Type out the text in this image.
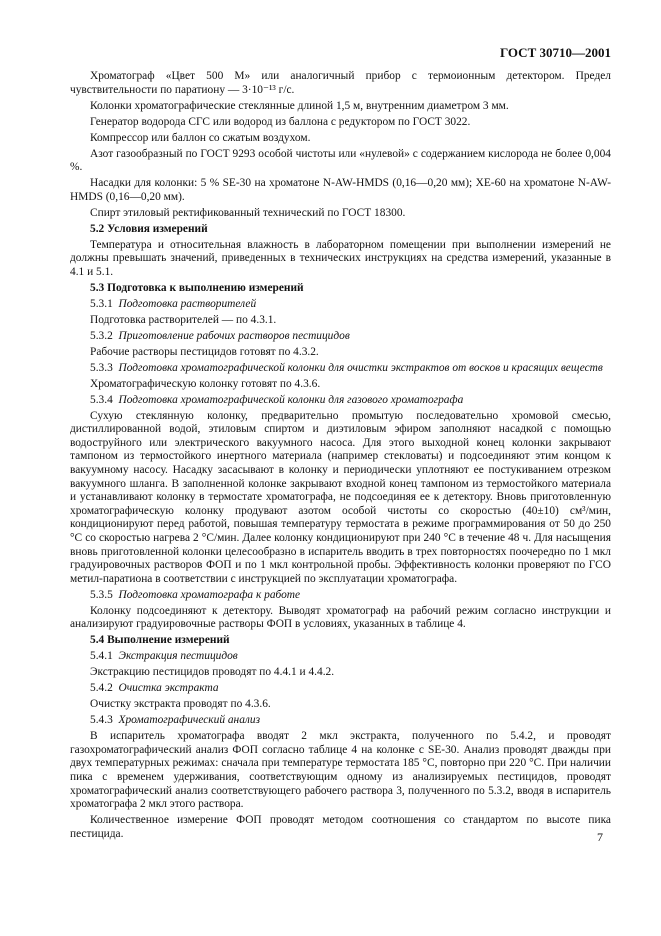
ГОСТ 30710—2001

Хроматограф «Цвет 500 М» или аналогичный прибор с термоионным детектором. Предел чувствительности по паратиону — 3·10⁻¹³ г/с.

Колонки хроматографические стеклянные длиной 1,5 м, внутренним диаметром 3 мм.

Генератор водорода СГС или водород из баллона с редуктором по ГОСТ 3022.

Компрессор или баллон со сжатым воздухом.

Азот газообразный по ГОСТ 9293 особой чистоты или «нулевой» с содержанием кислорода не более 0,004 %.

Насадки для колонки: 5 % SE-30 на хроматоне N-AW-HMDS (0,16—0,20 мм); XE-60 на хроматоне N-AW-HMDS (0,16—0,20 мм).

Спирт этиловый ректификованный технический по ГОСТ 18300.

5.2 Условия измерений

Температура и относительная влажность в лабораторном помещении при выполнении измерений не должны превышать значений, приведенных в технических инструкциях на средства измерений, указанные в 4.1 и 5.1.

5.3 Подготовка к выполнению измерений

5.3.1  Подготовка растворителей

Подготовка растворителей — по 4.3.1.

5.3.2  Приготовление рабочих растворов пестицидов

Рабочие растворы пестицидов готовят по 4.3.2.

5.3.3  Подготовка хроматографической колонки для очистки экстрактов от восков и красящих веществ

Хроматографическую колонку готовят по 4.3.6.

5.3.4  Подготовка хроматографической колонки для газового хроматографа

Сухую стеклянную колонку, предварительно промытую последовательно хромовой смесью, дистиллированной водой, этиловым спиртом и диэтиловым эфиром заполняют насадкой с помощью водоструйного или электрического вакуумного насоса. Для этого выходной конец колонки закрывают тампоном из термостойкого инертного материала (например стекловаты) и подсоединяют этим концом к вакуумному насосу. Насадку засасывают в колонку и периодически уплотняют ее постукиванием отрезком вакуумного шланга. В заполненной колонке закрывают входной конец тампоном из термостойкого материала и устанавливают колонку в термостате хроматографа, не подсоединяя ее к детектору. Вновь приготовленную хроматографическую колонку продувают азотом особой чистоты со скоростью (40±10) см³/мин, кондиционируют перед работой, повышая температуру термостата в режиме программирования от 50 до 250 °С со скоростью нагрева 2 °С/мин. Далее колонку кондиционируют при 240 °С в течение 48 ч. Для насыщения вновь приготовленной колонки целесообразно в испаритель вводить в трех повторностях поочередно по 1 мкл градуировочных растворов ФОП и по 1 мкл контрольной пробы. Эффективность колонки проверяют по ГСО метил-паратиона в соответствии с инструкцией по эксплуатации хроматографа.

5.3.5  Подготовка хроматографа к работе

Колонку подсоединяют к детектору. Выводят хроматограф на рабочий режим согласно инструкции и анализируют градуировочные растворы ФОП в условиях, указанных в таблице 4.

5.4 Выполнение измерений

5.4.1  Экстракция пестицидов

Экстракцию пестицидов проводят по 4.4.1 и 4.4.2.

5.4.2  Очистка экстракта

Очистку экстракта проводят по 4.3.6.

5.4.3  Хроматографический анализ

В испаритель хроматографа вводят 2 мкл экстракта, полученного по 5.4.2, и проводят газохроматографический анализ ФОП согласно таблице 4 на колонке с SE-30. Анализ проводят дважды при двух температурных режимах: сначала при температуре термостата 185 °С, повторно при 220 °С. При наличии пика с временем удерживания, соответствующим одному из анализируемых пестицидов, проводят хроматографический анализ соответствующего рабочего раствора 3, полученного по 5.3.2, вводя в испаритель хроматографа 2 мкл этого раствора.

Количественное измерение ФОП проводят методом соотношения со стандартом по высоте пика пестицида.	7
